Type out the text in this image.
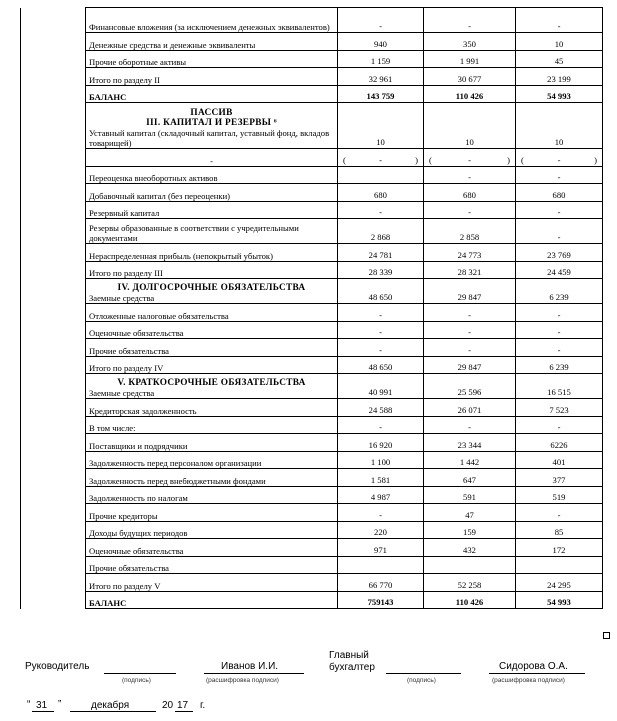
	Финансовые вложения (за исключением денежных эквивалентов)	-	-	-

	Денежные средства и денежные эквиваленты	940	350	10

	Прочие оборотные активы	1 159	1 991	45

	Итого по разделу II	32 961	30 677	23 199

	БАЛАНС	143 759	110 426	54 993

	ПАССИВ
III. КАПИТАЛ И РЕЗЕРВЫ ⁶
Уставный капитал (складочный капитал, уставный фонд, вкладов товарищей)	10	10	10

	-	( - )	( - )	( - )

	Переоценка внеоборотных активов		-	-

	Добавочный капитал (без переоценки)	680	680	680

	Резервный капитал	-	-	-

	Резервы образованные в соответствии с учредительными документами	2 868	2 858	-

	Нераспределенная прибыль (непокрытый убыток)	24 781	24 773	23 769

	Итого по разделу III	28 339	28 321	24 459

	IV. ДОЛГОСРОЧНЫЕ ОБЯЗАТЕЛЬСТВА
Заемные средства	48 650	29 847	6 239

	Отложенные налоговые обязательства	-	-	-

	Оценочные обязательства	-	-	-

	Прочие обязательства	-	-	-

	Итого по разделу IV	48 650	29 847	6 239

	V. КРАТКОСРОЧНЫЕ ОБЯЗАТЕЛЬСТВА
Заемные средства	40 991	25 596	16 515

	Кредиторская задолженность	24 588	26 071	7 523

	В том числе:	-	-	-

	Поставщики и подрядчики	16 920	23 344	6226

	Задолженность перед персоналом организации	1 100	1 442	401

	Задолженность перед внебюджетными фондами	1 581	647	377

	Задолженность по налогам	4 987	591	519

	Прочие кредиторы	-	47	-

	Доходы будущих периодов	220	159	85

	Оценочные обязательства	971	432	172

	Прочие обязательства			

	Итого по разделу V	66 770	52 258	24 295

	БАЛАНС	759143	110 426	54 993
Руководитель
(подпись)
Иванов И.И.
(расшифровка подписи)
Главный
бухгалтер
(подпись)
Сидорова О.А.
(расшифровка подписи)
“ 31 ”	декабря	20 17 г.
